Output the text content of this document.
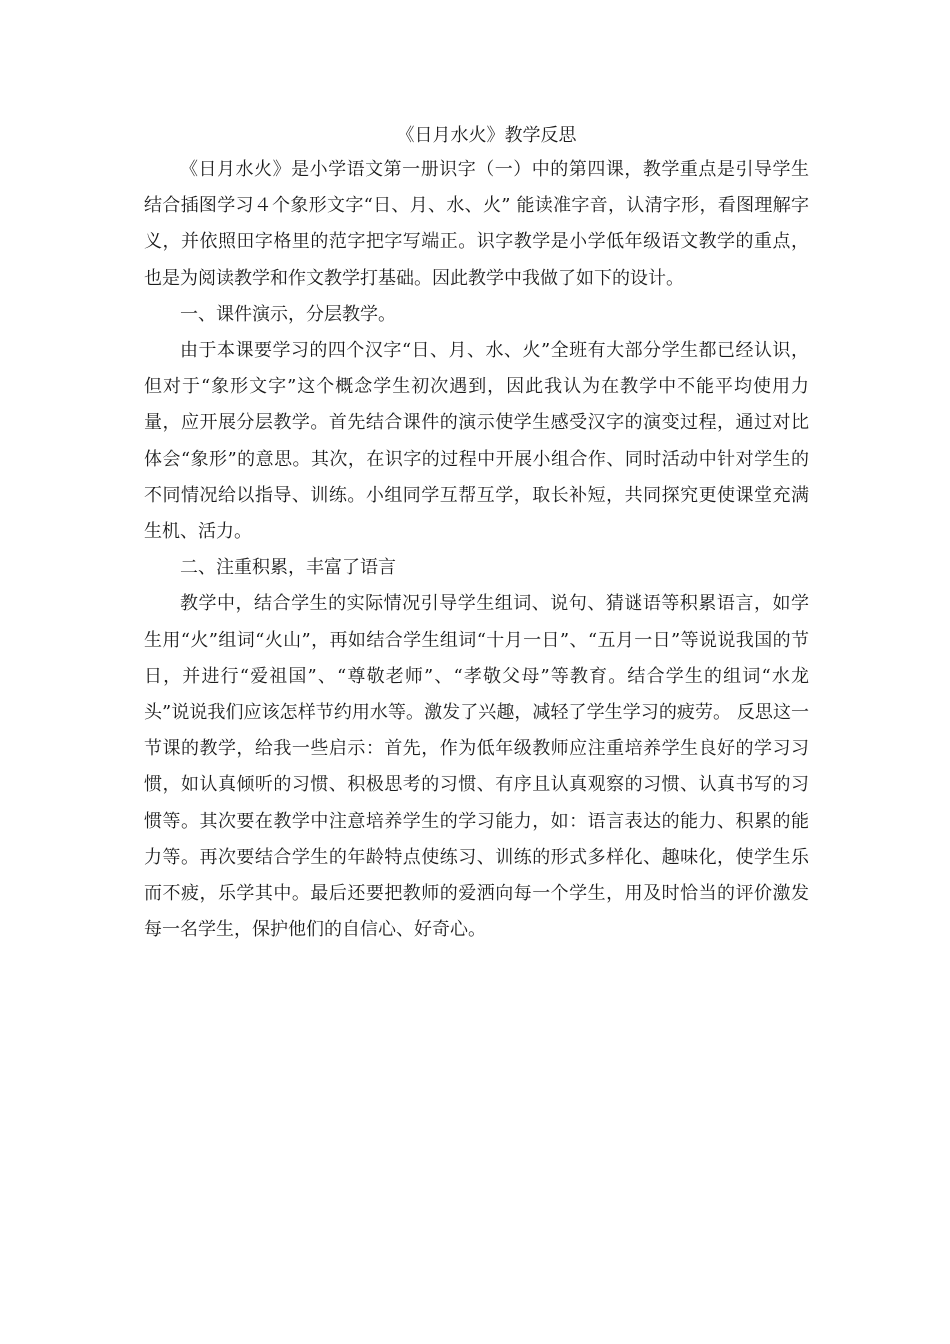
《日月水火》教学反思

《日月水火》是小学语文第一册识字（一）中的第四课，教学重点是引导学生结合插图学习４个象形文字“日、月、水、火” 能读准字音，认清字形，看图理解字义，并依照田字格里的范字把字写端正。识字教学是小学低年级语文教学的重点，也是为阅读教学和作文教学打基础。因此教学中我做了如下的设计。

一、课件演示，分层教学。

由于本课要学习的四个汉字“日、月、水、火”全班有大部分学生都已经认识，但对于“象形文字”这个概念学生初次遇到，因此我认为在教学中不能平均使用力量，应开展分层教学。首先结合课件的演示使学生感受汉字的演变过程，通过对比体会“象形”的意思。其次，在识字的过程中开展小组合作、同时活动中针对学生的不同情况给以指导、训练。小组同学互帮互学，取长补短，共同探究更使课堂充满生机、活力。

二、注重积累，丰富了语言

教学中，结合学生的实际情况引导学生组词、说句、猜谜语等积累语言，如学生用“火”组词“火山”，再如结合学生组词“十月一日”、“五月一日”等说说我国的节日，并进行“爱祖国”、“尊敬老师”、“孝敬父母”等教育。结合学生的组词“水龙头”说说我们应该怎样节约用水等。激发了兴趣，减轻了学生学习的疲劳。 反思这一节课的教学，给我一些启示：首先，作为低年级教师应注重培养学生良好的学习习惯，如认真倾听的习惯、积极思考的习惯、有序且认真观察的习惯、认真书写的习惯等。其次要在教学中注意培养学生的学习能力，如：语言表达的能力、积累的能力等。再次要结合学生的年龄特点使练习、训练的形式多样化、趣味化，使学生乐而不疲，乐学其中。最后还要把教师的爱洒向每一个学生，用及时恰当的评价激发每一名学生，保护他们的自信心、好奇心。
